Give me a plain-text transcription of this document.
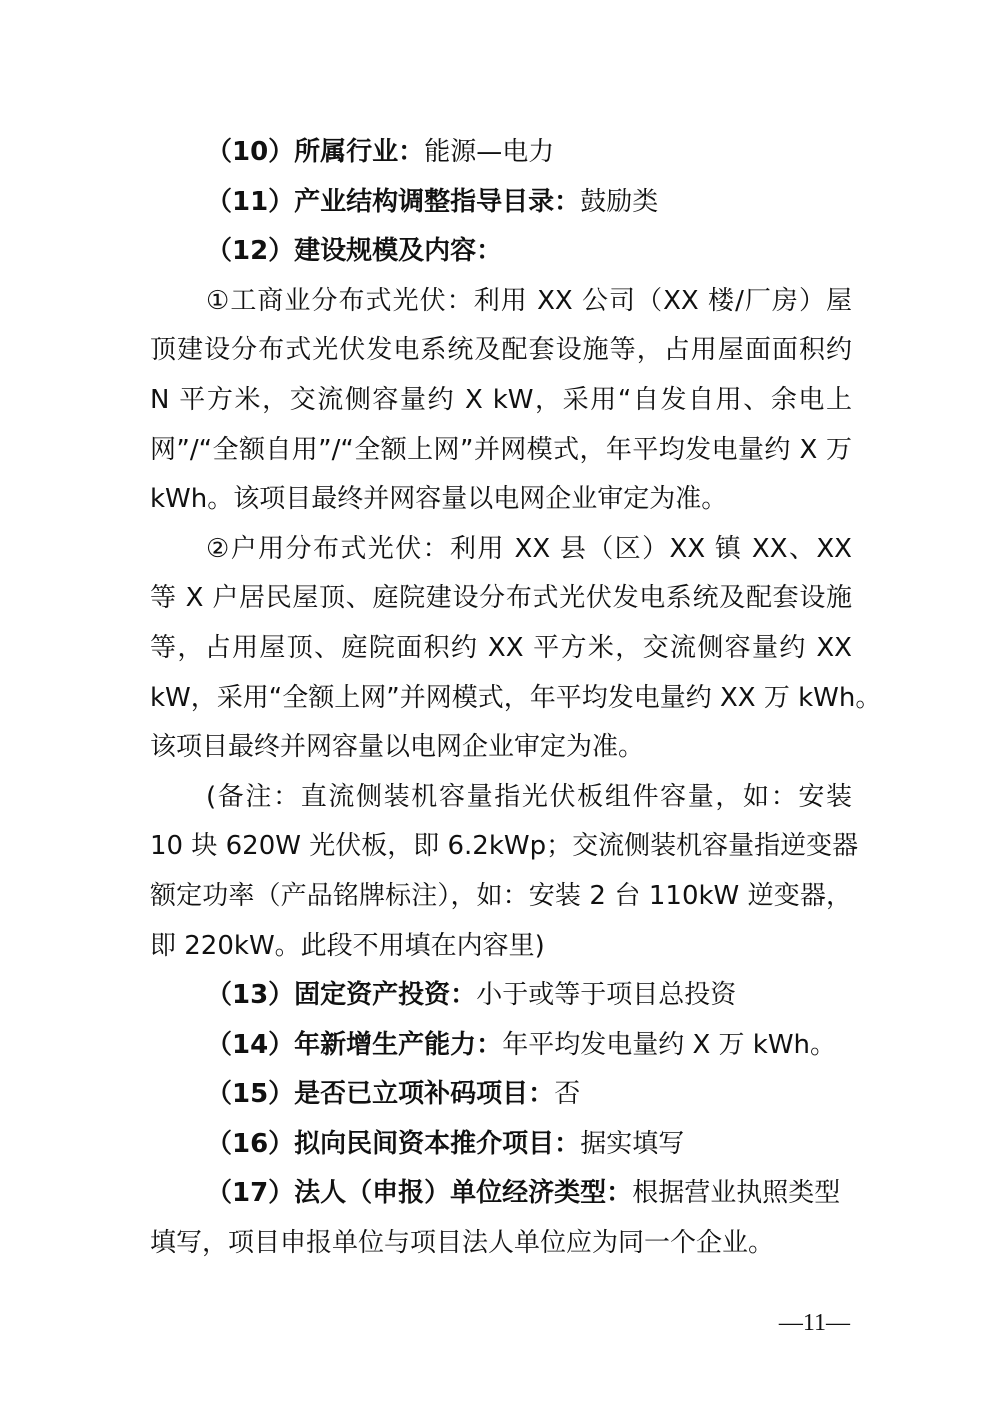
（10）所属行业：能源—电力
（11）产业结构调整指导目录：鼓励类
（12）建设规模及内容：
①工商业分布式光伏：利用 XX 公司（XX 楼/厂房）屋
顶建设分布式光伏发电系统及配套设施等，占用屋面面积约
N 平方米，交流侧容量约 X kW，采用“自发自用、余电上
网”/“全额自用”/“全额上网”并网模式，年平均发电量约 X 万
kWh。该项目最终并网容量以电网企业审定为准。
②户用分布式光伏：利用 XX 县（区）XX 镇 XX、XX
等 X 户居民屋顶、庭院建设分布式光伏发电系统及配套设施
等，占用屋顶、庭院面积约 XX 平方米，交流侧容量约 XX
kW，采用“全额上网”并网模式，年平均发电量约 XX 万 kWh。
该项目最终并网容量以电网企业审定为准。
(备注：直流侧装机容量指光伏板组件容量，如：安装
10 块 620W 光伏板，即 6.2kWp；交流侧装机容量指逆变器
额定功率（产品铭牌标注），如：安装 2 台 110kW 逆变器，
即 220kW。此段不用填在内容里)
（13）固定资产投资：小于或等于项目总投资
（14）年新增生产能力：年平均发电量约 X 万 kWh。
（15）是否已立项补码项目：否
（16）拟向民间资本推介项目：据实填写
（17）法人（申报）单位经济类型：根据营业执照类型
填写，项目申报单位与项目法人单位应为同一个企业。
—11—
